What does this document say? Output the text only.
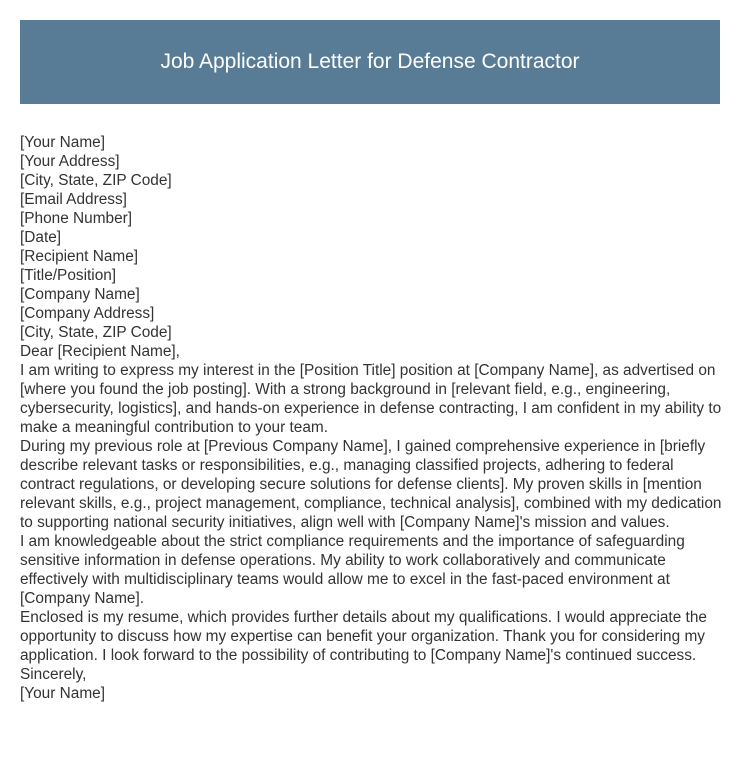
Job Application Letter for Defense Contractor

[Your Name]

[Your Address]

[City, State, ZIP Code]

[Email Address]

[Phone Number]

[Date]

[Recipient Name]

[Title/Position]

[Company Name]

[Company Address]

[City, State, ZIP Code]

Dear [Recipient Name],

I am writing to express my interest in the [Position Title] position at [Company Name], as advertised on [where you found the job posting]. With a strong background in [relevant field, e.g., engineering, cybersecurity, logistics], and hands-on experience in defense contracting, I am confident in my ability to make a meaningful contribution to your team.

During my previous role at [Previous Company Name], I gained comprehensive experience in [briefly describe relevant tasks or responsibilities, e.g., managing classified projects, adhering to federal contract regulations, or developing secure solutions for defense clients]. My proven skills in [mention relevant skills, e.g., project management, compliance, technical analysis], combined with my dedication to supporting national security initiatives, align well with [Company Name]'s mission and values.

I am knowledgeable about the strict compliance requirements and the importance of safeguarding sensitive information in defense operations. My ability to work collaboratively and communicate effectively with multidisciplinary teams would allow me to excel in the fast-paced environment at [Company Name].

Enclosed is my resume, which provides further details about my qualifications. I would appreciate the opportunity to discuss how my expertise can benefit your organization. Thank you for considering my application. I look forward to the possibility of contributing to [Company Name]'s continued success.

Sincerely,

[Your Name]
